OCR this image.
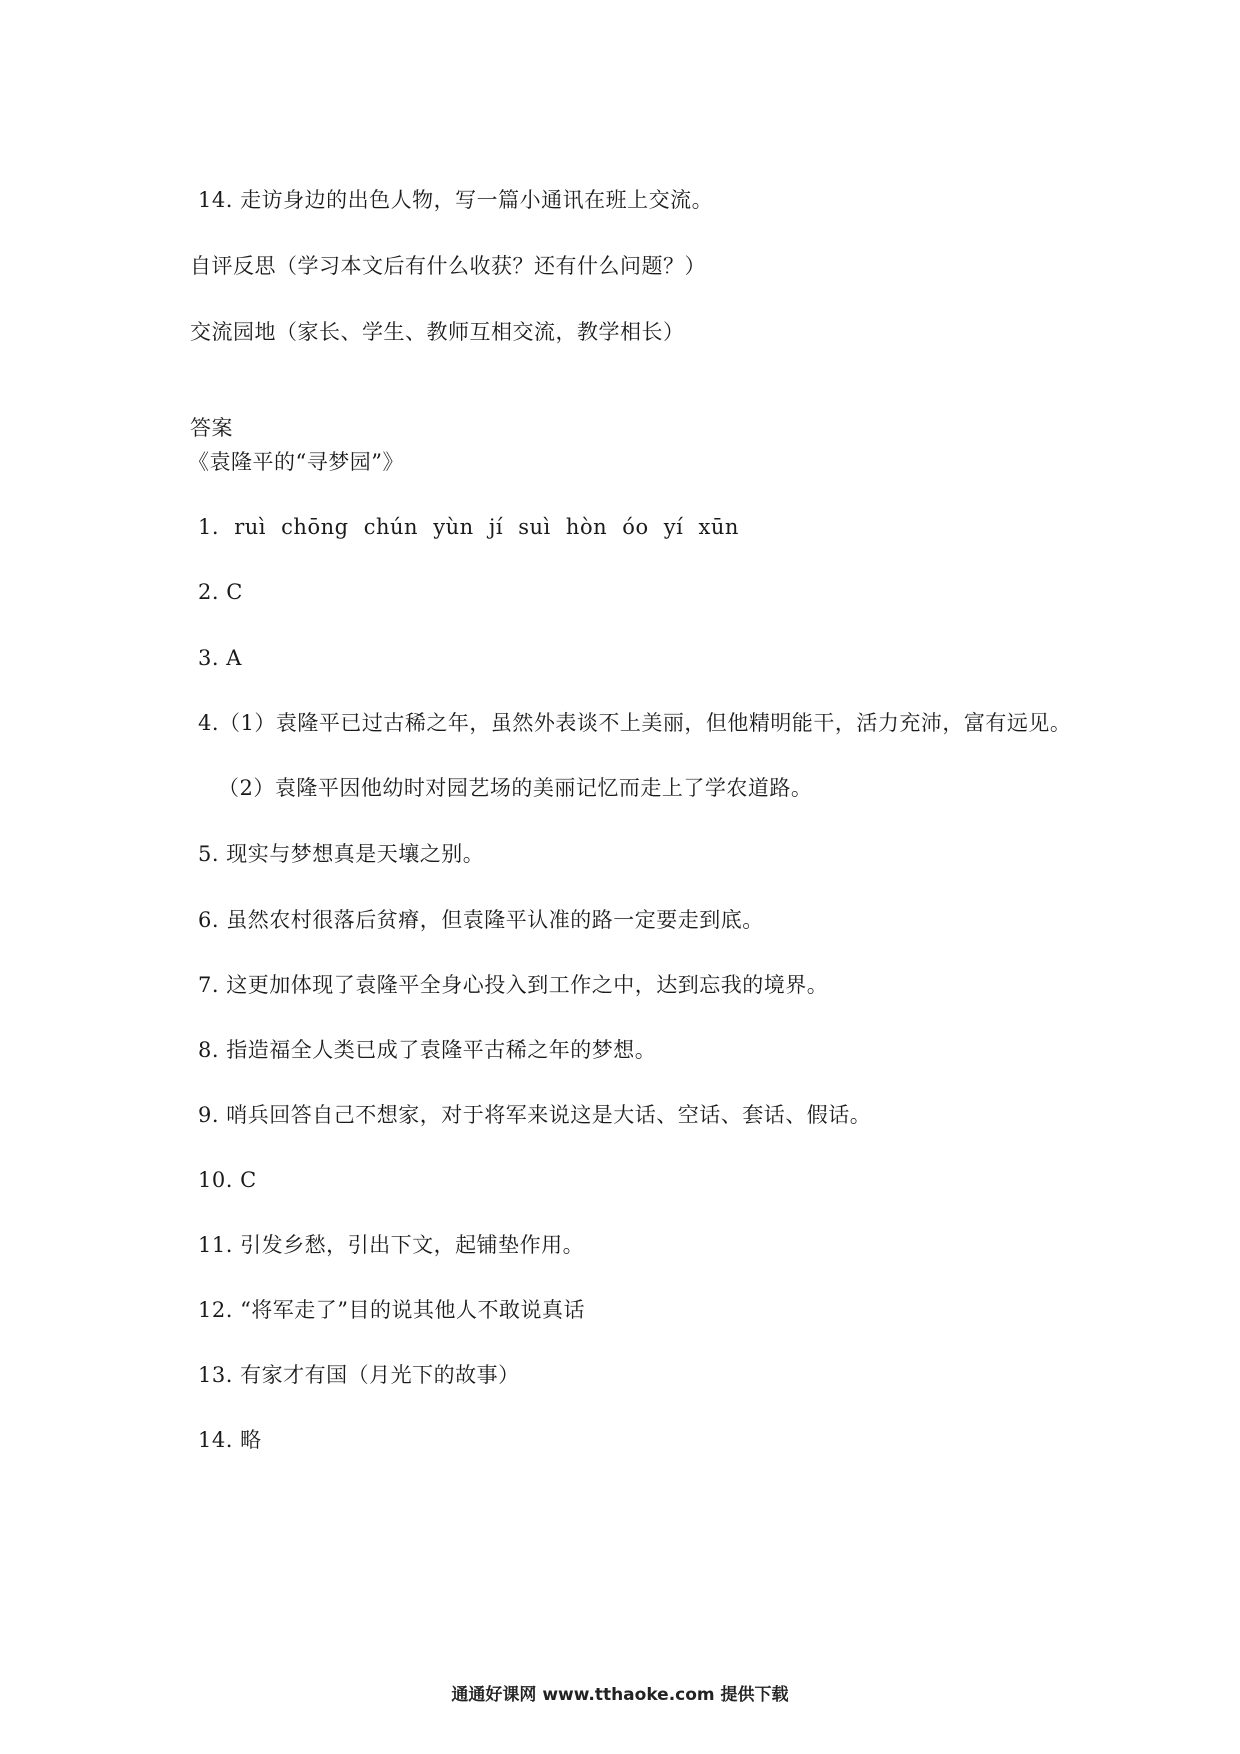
14. 走访身边的出色人物，写一篇小通讯在班上交流。
自评反思（学习本文后有什么收获？还有什么问题？）
交流园地（家长、学生、教师互相交流，教学相长）
答案
《袁隆平的“寻梦园”》
1. ruì chōng chún yùn jí suì hòn óo yí xūn
2. C
3. A
4.（1）袁隆平已过古稀之年，虽然外表谈不上美丽，但他精明能干，活力充沛，富有远见。
（2）袁隆平因他幼时对园艺场的美丽记忆而走上了学农道路。
5. 现实与梦想真是天壤之别。
6. 虽然农村很落后贫瘠，但袁隆平认准的路一定要走到底。
7. 这更加体现了袁隆平全身心投入到工作之中，达到忘我的境界。
8. 指造福全人类已成了袁隆平古稀之年的梦想。
9. 哨兵回答自己不想家，对于将军来说这是大话、空话、套话、假话。
10. C
11. 引发乡愁，引出下文，起铺垫作用。
12. “将军走了”目的说其他人不敢说真话
13. 有家才有国（月光下的故事）
14. 略
通通好课网 www.tthaoke.com 提供下载
